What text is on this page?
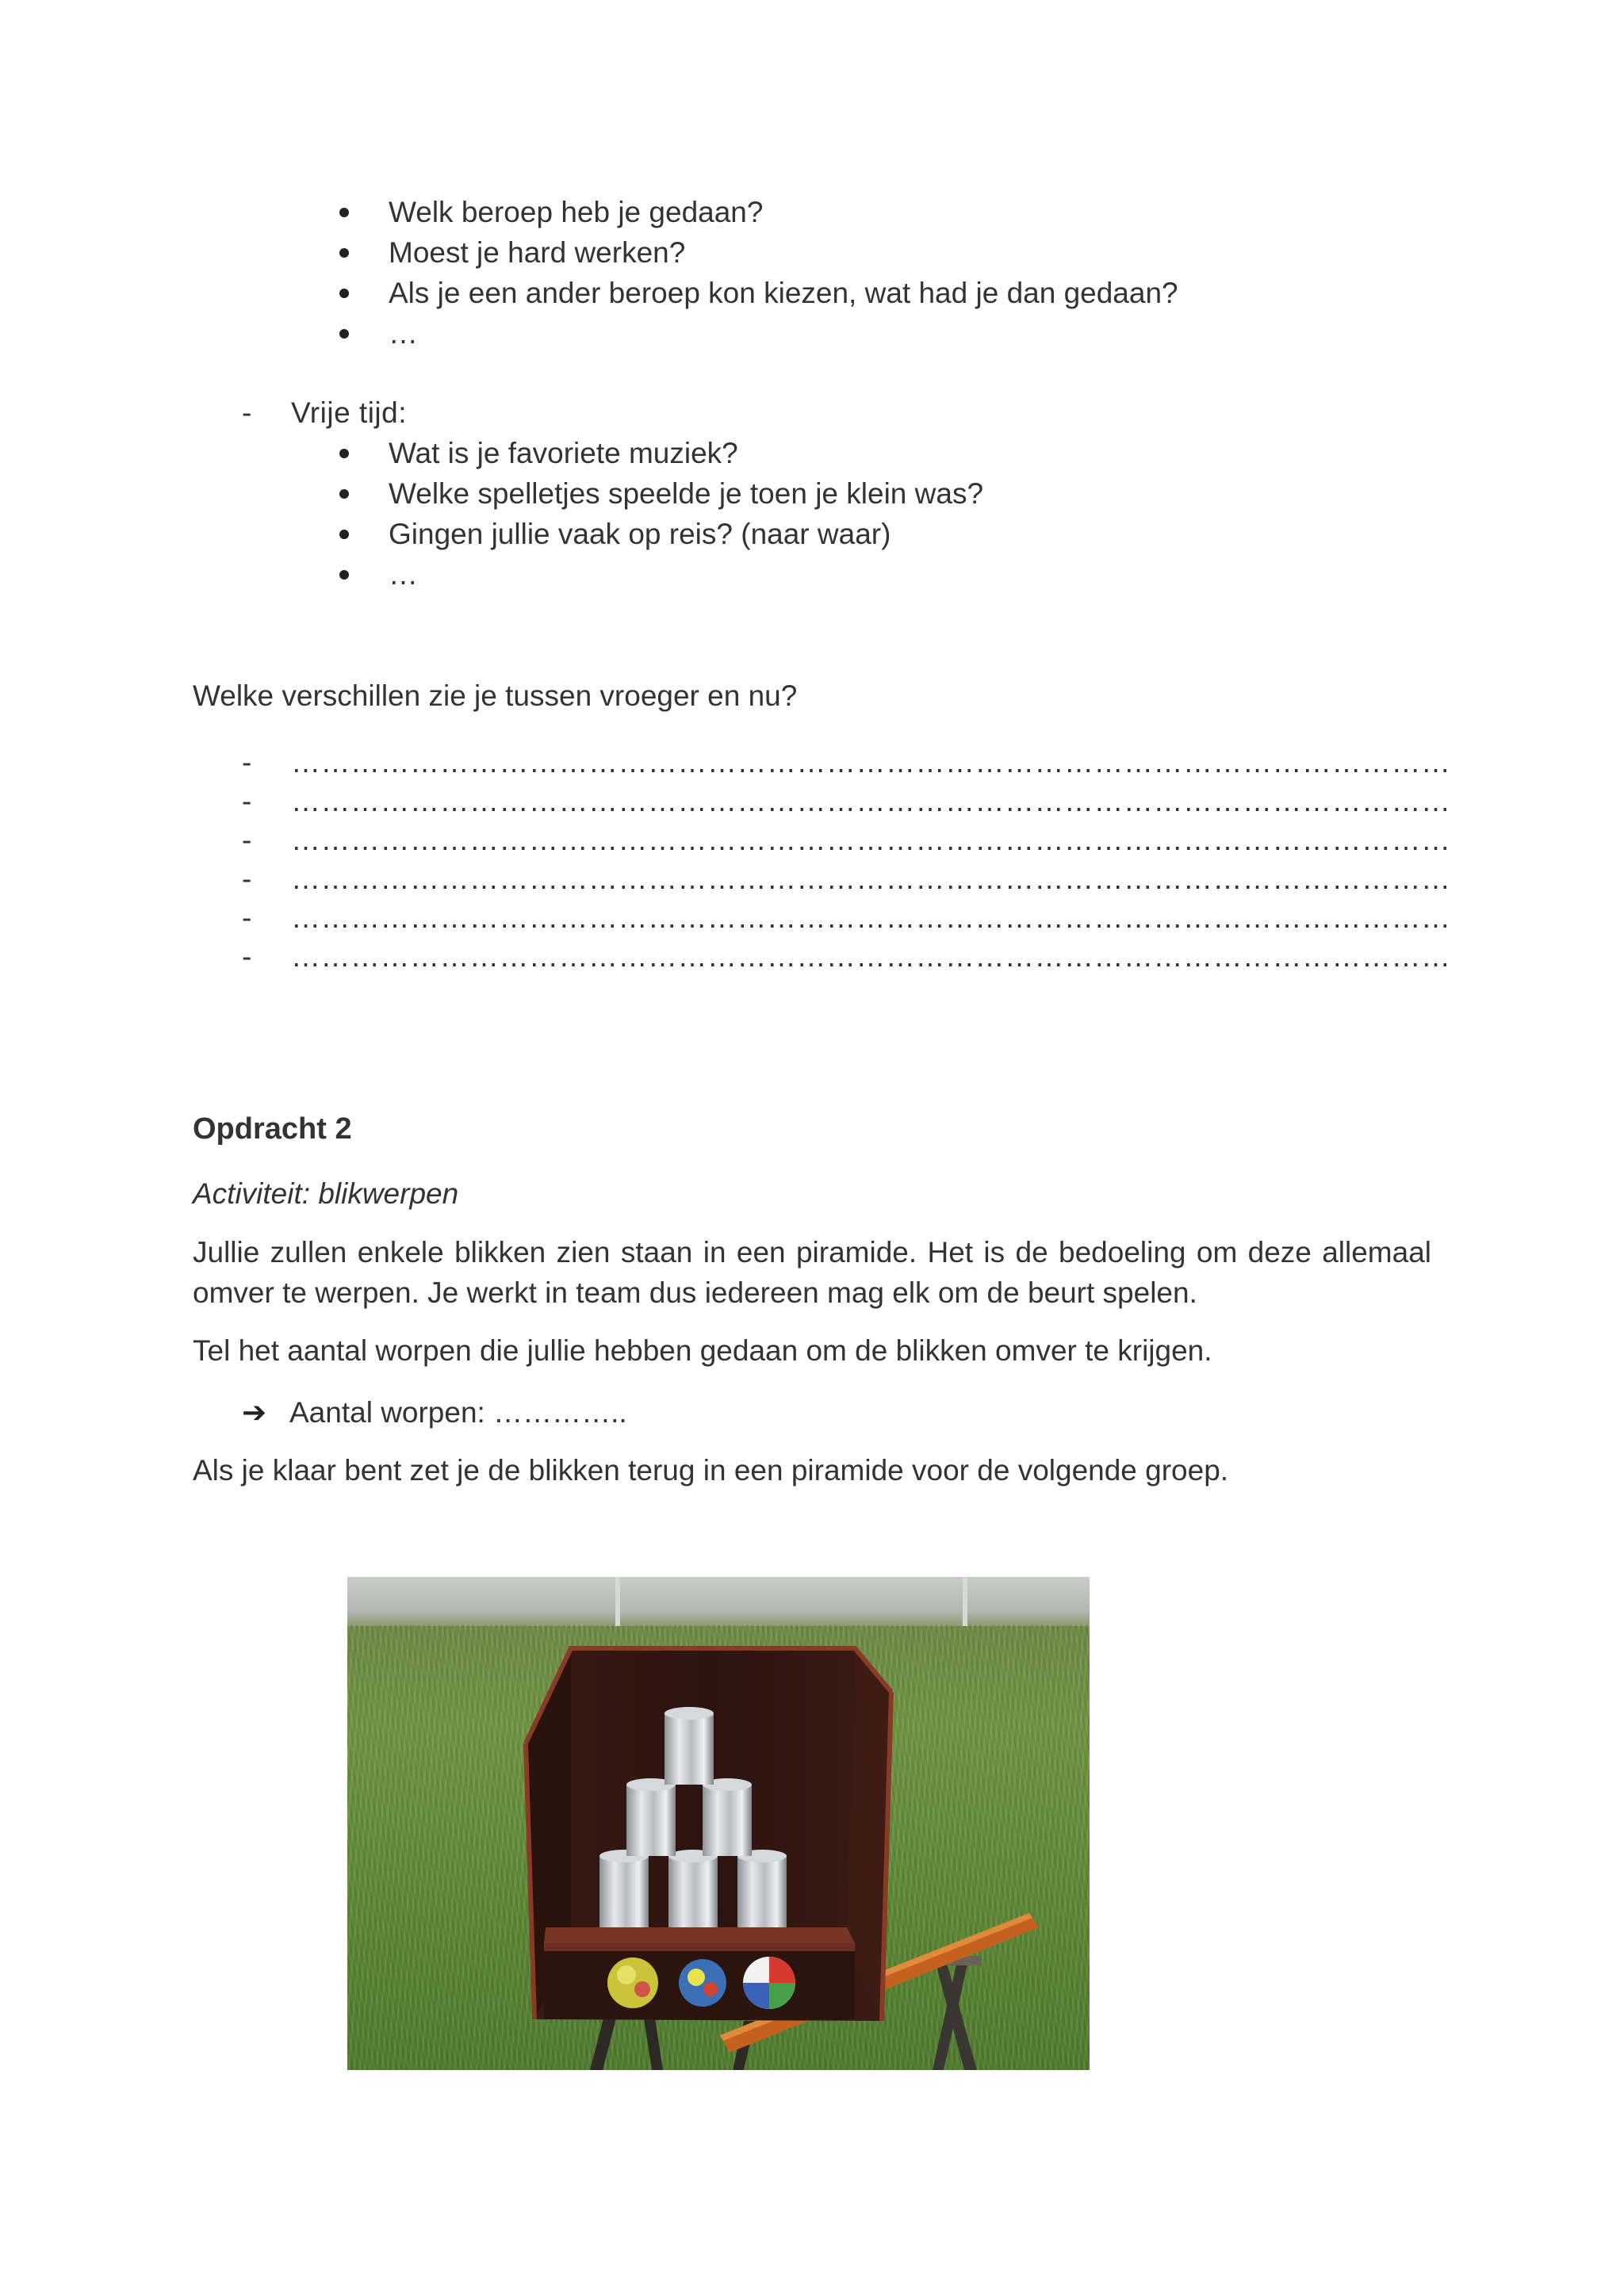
Welk beroep heb je gedaan?
Moest je hard werken?
Als je een ander beroep kon kiezen, wat had je dan gedaan?
…
- Vrije tijd:
Wat is je favoriete muziek?
Welke spelletjes speelde je toen je klein was?
Gingen jullie vaak op reis? (naar waar)
…
Welke verschillen zie je tussen vroeger en nu?
- ………………………………………………………………………………………………………
- ………………………………………………………………………………………………………
- ………………………………………………………………………………………………………
- ………………………………………………………………………………………………………
- ………………………………………………………………………………………………………
- ………………………………………………………………………………………………………
Opdracht 2
Activiteit: blikwerpen
Jullie zullen enkele blikken zien staan in een piramide. Het is de bedoeling om deze allemaal omver te werpen. Je werkt in team dus iedereen mag elk om de beurt spelen.
Tel het aantal worpen die jullie hebben gedaan om de blikken omver te krijgen.
➔ Aantal worpen: …………..
Als je klaar bent zet je de blikken terug in een piramide voor de volgende groep.
